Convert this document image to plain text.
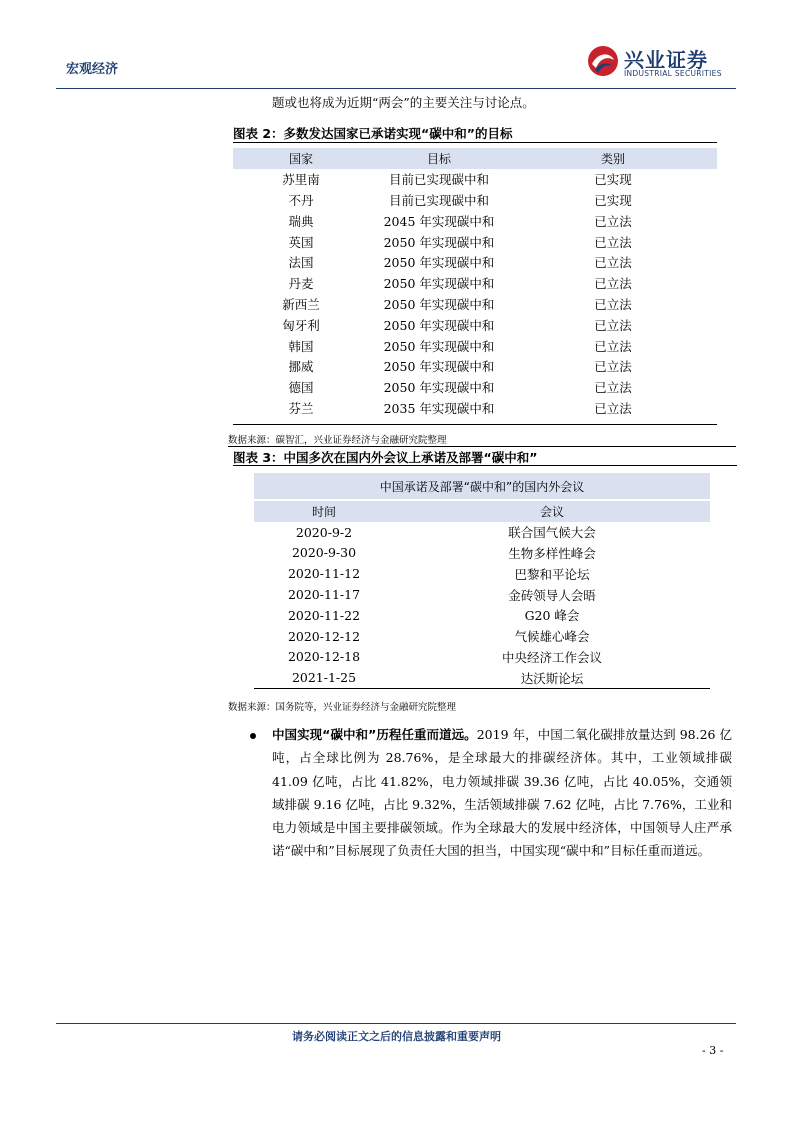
宏观经济	兴业证券
INDUSTRIAL SECURITIES
题或也将成为近期“两会”的主要关注与讨论点。
图表 2：多数发达国家已承诺实现“碳中和”的目标
国家	目标	类别
苏里南	目前已实现碳中和	已实现
不丹	目前已实现碳中和	已实现
瑞典	2045 年实现碳中和	已立法
英国	2050 年实现碳中和	已立法
法国	2050 年实现碳中和	已立法
丹麦	2050 年实现碳中和	已立法
新西兰	2050 年实现碳中和	已立法
匈牙利	2050 年实现碳中和	已立法
韩国	2050 年实现碳中和	已立法
挪威	2050 年实现碳中和	已立法
德国	2050 年实现碳中和	已立法
芬兰	2035 年实现碳中和	已立法
数据来源：碳智汇，兴业证券经济与金融研究院整理
图表 3：中国多次在国内外会议上承诺及部署“碳中和”
中国承诺及部署“碳中和”的国内外会议	
时间	会议
2020-9-2	联合国气候大会
2020-9-30	生物多样性峰会
2020-11-12	巴黎和平论坛
2020-11-17	金砖领导人会晤
2020-11-22	G20 峰会
2020-12-12	气候雄心峰会
2020-12-18	中央经济工作会议
2021-1-25	达沃斯论坛
数据来源：国务院等，兴业证券经济与金融研究院整理
中国实现“碳中和”历程任重而道远。2019 年，中国二氧化碳排放量达到 98.26 亿吨，占全球比例为 28.76%，是全球最大的排碳经济体。其中，工业领域排碳 41.09 亿吨，占比 41.82%，电力领域排碳 39.36 亿吨，占比 40.05%，交通领域排碳 9.16 亿吨，占比 9.32%，生活领域排碳 7.62 亿吨，占比 7.76%，工业和电力领域是中国主要排碳领域。作为全球最大的发展中经济体，中国领导人庄严承诺“碳中和”目标展现了负责任大国的担当，中国实现“碳中和”目标任重而道远。
请务必阅读正文之后的信息披露和重要声明
- 3 -
